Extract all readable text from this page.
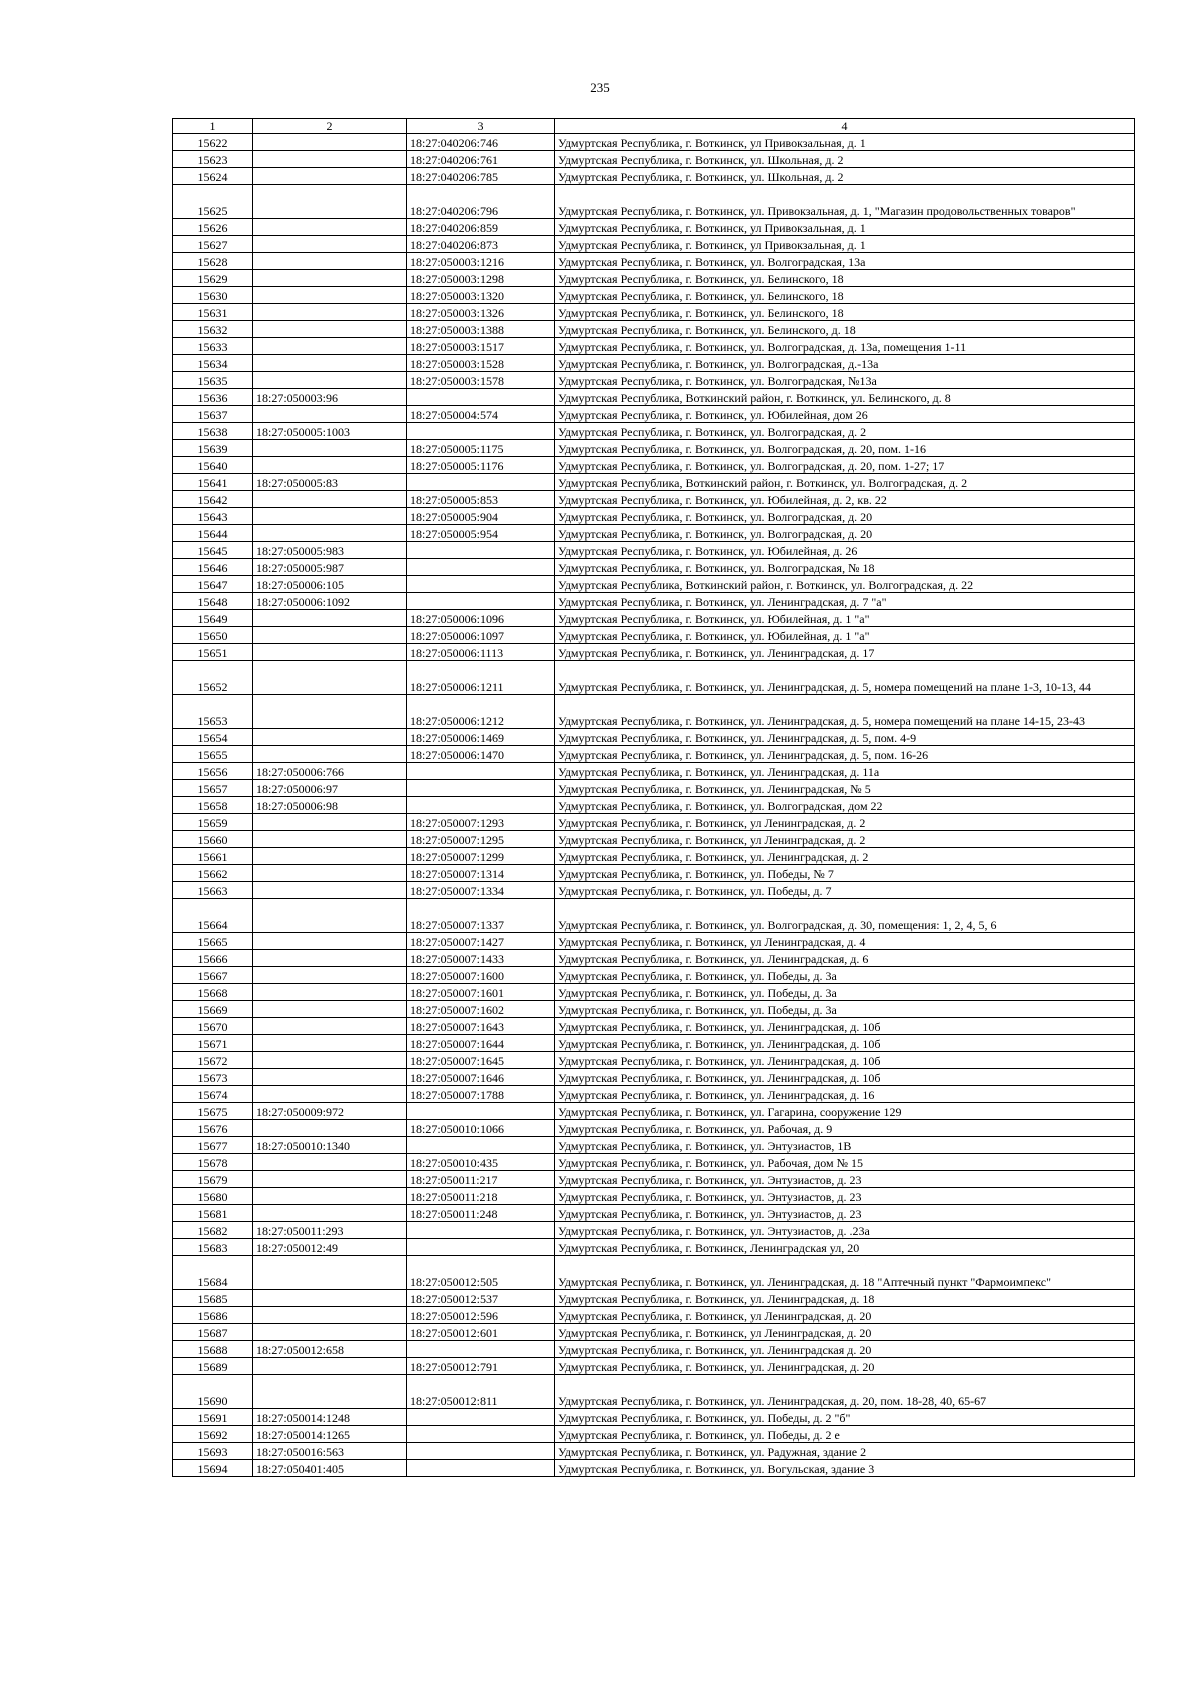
235
1	2	3	4
15622		18:27:040206:746	Удмуртская Республика, г. Воткинск, ул Привокзальная, д. 1
15623		18:27:040206:761	Удмуртская Республика, г. Воткинск, ул. Школьная, д. 2
15624		18:27:040206:785	Удмуртская Республика, г. Воткинск, ул. Школьная, д. 2
15625		18:27:040206:796	Удмуртская Республика, г. Воткинск, ул. Привокзальная, д. 1, "Магазин продовольственных товаров"
15626		18:27:040206:859	Удмуртская Республика, г. Воткинск, ул Привокзальная, д. 1
15627		18:27:040206:873	Удмуртская Республика, г. Воткинск, ул Привокзальная, д. 1
15628		18:27:050003:1216	Удмуртская Республика, г. Воткинск, ул. Волгоградская, 13а
15629		18:27:050003:1298	Удмуртская Республика, г. Воткинск, ул. Белинского, 18
15630		18:27:050003:1320	Удмуртская Республика, г. Воткинск, ул. Белинского, 18
15631		18:27:050003:1326	Удмуртская Республика, г. Воткинск, ул. Белинского, 18
15632		18:27:050003:1388	Удмуртская Республика, г. Воткинск, ул. Белинского, д. 18
15633		18:27:050003:1517	Удмуртская Республика, г. Воткинск, ул. Волгоградская, д. 13а, помещения 1-11
15634		18:27:050003:1528	Удмуртская Республика, г. Воткинск, ул. Волгоградская, д.-13а
15635		18:27:050003:1578	Удмуртская Республика, г. Воткинск, ул. Волгоградская, №13а
15636	18:27:050003:96		Удмуртская Республика, Воткинский район, г. Воткинск, ул. Белинского, д. 8
15637		18:27:050004:574	Удмуртская Республика, г. Воткинск, ул. Юбилейная, дом 26
15638	18:27:050005:1003		Удмуртская Республика, г. Воткинск, ул. Волгоградская, д. 2
15639		18:27:050005:1175	Удмуртская Республика, г. Воткинск, ул. Волгоградская, д. 20, пом. 1-16
15640		18:27:050005:1176	Удмуртская Республика, г. Воткинск, ул. Волгоградская, д. 20, пом. 1-27; 17
15641	18:27:050005:83		Удмуртская Республика, Воткинский район, г. Воткинск, ул. Волгоградская, д. 2
15642		18:27:050005:853	Удмуртская Республика, г. Воткинск, ул. Юбилейная, д. 2, кв. 22
15643		18:27:050005:904	Удмуртская Республика, г. Воткинск, ул. Волгоградская, д. 20
15644		18:27:050005:954	Удмуртская Республика, г. Воткинск, ул. Волгоградская, д. 20
15645	18:27:050005:983		Удмуртская Республика, г. Воткинск, ул. Юбилейная, д. 26
15646	18:27:050005:987		Удмуртская Республика, г. Воткинск, ул. Волгоградская, № 18
15647	18:27:050006:105		Удмуртская Республика, Воткинский район, г. Воткинск, ул. Волгоградская, д. 22
15648	18:27:050006:1092		Удмуртская Республика, г. Воткинск, ул. Ленинградская, д. 7 "а"
15649		18:27:050006:1096	Удмуртская Республика, г. Воткинск, ул. Юбилейная, д. 1 "а"
15650		18:27:050006:1097	Удмуртская Республика, г. Воткинск, ул. Юбилейная, д. 1 "а"
15651		18:27:050006:1113	Удмуртская Республика, г. Воткинск, ул. Ленинградская, д. 17
15652		18:27:050006:1211	Удмуртская Республика, г. Воткинск, ул. Ленинградская, д. 5, номера помещений на плане 1-3, 10-13, 44
15653		18:27:050006:1212	Удмуртская Республика, г. Воткинск, ул. Ленинградская, д. 5, номера помещений на плане 14-15, 23-43
15654		18:27:050006:1469	Удмуртская Республика, г. Воткинск, ул. Ленинградская, д. 5, пом. 4-9
15655		18:27:050006:1470	Удмуртская Республика, г. Воткинск, ул. Ленинградская, д. 5, пом. 16-26
15656	18:27:050006:766		Удмуртская Республика, г. Воткинск, ул. Ленинградская, д. 11а
15657	18:27:050006:97		Удмуртская Республика, г. Воткинск, ул. Ленинградская, № 5
15658	18:27:050006:98		Удмуртская Республика, г. Воткинск, ул. Волгоградская, дом 22
15659		18:27:050007:1293	Удмуртская Республика, г. Воткинск, ул Ленинградская, д. 2
15660		18:27:050007:1295	Удмуртская Республика, г. Воткинск, ул Ленинградская, д. 2
15661		18:27:050007:1299	Удмуртская Республика, г. Воткинск, ул. Ленинградская, д. 2
15662		18:27:050007:1314	Удмуртская Республика, г. Воткинск, ул. Победы, № 7
15663		18:27:050007:1334	Удмуртская Республика, г. Воткинск, ул. Победы, д. 7
15664		18:27:050007:1337	Удмуртская Республика, г. Воткинск, ул. Волгоградская, д. 30, помещения: 1, 2, 4, 5, 6
15665		18:27:050007:1427	Удмуртская Республика, г. Воткинск, ул Ленинградская, д. 4
15666		18:27:050007:1433	Удмуртская Республика, г. Воткинск, ул. Ленинградская, д. 6
15667		18:27:050007:1600	Удмуртская Республика, г. Воткинск, ул. Победы, д. 3а
15668		18:27:050007:1601	Удмуртская Республика, г. Воткинск, ул. Победы, д. 3а
15669		18:27:050007:1602	Удмуртская Республика, г. Воткинск, ул. Победы, д. 3а
15670		18:27:050007:1643	Удмуртская Республика, г. Воткинск, ул. Ленинградская, д. 10б
15671		18:27:050007:1644	Удмуртская Республика, г. Воткинск, ул. Ленинградская, д. 10б
15672		18:27:050007:1645	Удмуртская Республика, г. Воткинск, ул. Ленинградская, д. 10б
15673		18:27:050007:1646	Удмуртская Республика, г. Воткинск, ул. Ленинградская, д. 10б
15674		18:27:050007:1788	Удмуртская Республика, г. Воткинск, ул. Ленинградская, д. 16
15675	18:27:050009:972		Удмуртская Республика, г. Воткинск, ул. Гагарина, сооружение 129
15676		18:27:050010:1066	Удмуртская Республика, г. Воткинск, ул. Рабочая, д. 9
15677	18:27:050010:1340		Удмуртская Республика, г. Воткинск, ул. Энтузиастов, 1В
15678		18:27:050010:435	Удмуртская Республика, г. Воткинск, ул. Рабочая, дом № 15
15679		18:27:050011:217	Удмуртская Республика, г. Воткинск, ул. Энтузиастов, д. 23
15680		18:27:050011:218	Удмуртская Республика, г. Воткинск, ул. Энтузиастов, д. 23
15681		18:27:050011:248	Удмуртская Республика, г. Воткинск, ул. Энтузиастов, д. 23
15682	18:27:050011:293		Удмуртская Республика, г. Воткинск, ул. Энтузиастов, д. .23а
15683	18:27:050012:49		Удмуртская Республика, г. Воткинск, Ленинградская ул, 20
15684		18:27:050012:505	Удмуртская Республика, г. Воткинск, ул. Ленинградская, д. 18 "Аптечный пункт "Фармоимпекс"
15685		18:27:050012:537	Удмуртская Республика, г. Воткинск, ул. Ленинградская, д. 18
15686		18:27:050012:596	Удмуртская Республика, г. Воткинск, ул Ленинградская, д. 20
15687		18:27:050012:601	Удмуртская Республика, г. Воткинск, ул Ленинградская, д. 20
15688	18:27:050012:658		Удмуртская Республика, г. Воткинск, ул. Ленинградская д. 20
15689		18:27:050012:791	Удмуртская Республика, г. Воткинск, ул. Ленинградская, д. 20
15690		18:27:050012:811	Удмуртская Республика, г. Воткинск, ул. Ленинградская, д. 20, пом. 18-28, 40, 65-67
15691	18:27:050014:1248		Удмуртская Республика, г. Воткинск, ул. Победы, д. 2 "б"
15692	18:27:050014:1265		Удмуртская Республика, г. Воткинск, ул. Победы, д. 2 е
15693	18:27:050016:563		Удмуртская Республика, г. Воткинск, ул. Радужная, здание 2
15694	18:27:050401:405		Удмуртская Республика, г. Воткинск, ул. Вогульская, здание 3
